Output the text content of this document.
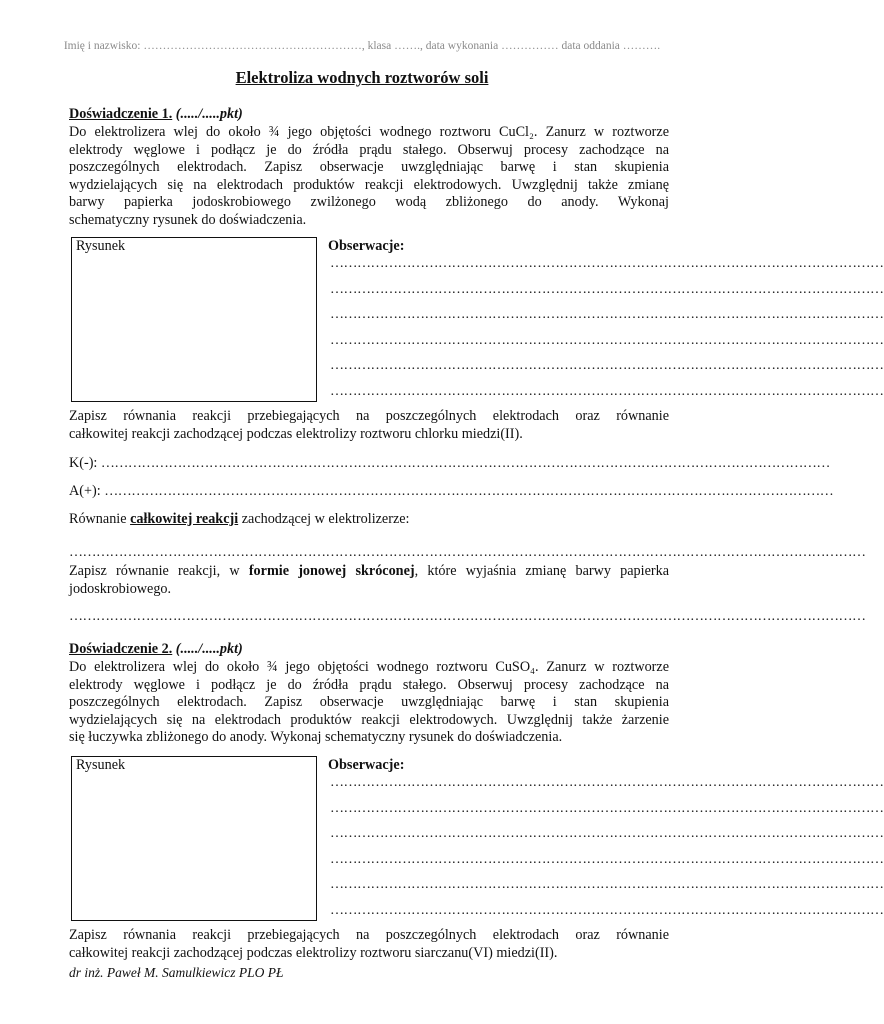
Imię i nazwisko: …………………………………………………, klasa ……., data wykonania …………… data oddania ……….
Elektroliza wodnych roztworów soli
Doświadczenie 1. (...../.....pkt)
Do elektrolizera wlej do około ¾ jego objętości wodnego roztworu CuCl₂. Zanurz w roztworze
elektrody węglowe i podłącz je do źródła prądu stałego. Obserwuj procesy zachodzące na
poszczególnych elektrodach. Zapisz obserwacje uwzględniając barwę i stan skupienia
wydzielających się na elektrodach produktów reakcji elektrodowych. Uwzględnij także zmianę
barwy papierka jodoskrobiowego zwilżonego wodą zbliżonego do anody. Wykonaj
schematyczny rysunek do doświadczenia.
Rysunek	Obserwacje:
……………………………………………………………………………………………………………
……………………………………………………………………………………………………………
……………………………………………………………………………………………………………
……………………………………………………………………………………………………………
……………………………………………………………………………………………………………
……………………………………………………………………………………………………………
Zapisz równania reakcji przebiegających na poszczególnych elektrodach oraz równanie
całkowitej reakcji zachodzącej podczas elektrolizy roztworu chlorku miedzi(II).
K(-): ………………………………………………………………………………………………………………………………………………
A(+): ………………………………………………………………………………………………………………………………………………
Równanie całkowitej reakcji zachodzącej w elektrolizerze:
……………………………………………………………………………………………………………………………………………………………
Zapisz równanie reakcji, w formie jonowej skróconej, które wyjaśnia zmianę barwy papierka
jodoskrobiowego.
……………………………………………………………………………………………………………………………………………………………
Doświadczenie 2. (...../.....pkt)
Do elektrolizera wlej do około ¾ jego objętości wodnego roztworu CuSO₄. Zanurz w roztworze
elektrody węglowe i podłącz je do źródła prądu stałego. Obserwuj procesy zachodzące na
poszczególnych elektrodach. Zapisz obserwacje uwzględniając barwę i stan skupienia
wydzielających się na elektrodach produktów reakcji elektrodowych. Uwzględnij także żarzenie
się łuczywka zbliżonego do anody. Wykonaj schematyczny rysunek do doświadczenia.
Rysunek	Obserwacje:
……………………………………………………………………………………………………………
……………………………………………………………………………………………………………
……………………………………………………………………………………………………………
……………………………………………………………………………………………………………
……………………………………………………………………………………………………………
……………………………………………………………………………………………………………
Zapisz równania reakcji przebiegających na poszczególnych elektrodach oraz równanie
całkowitej reakcji zachodzącej podczas elektrolizy roztworu siarczanu(VI) miedzi(II).
dr inż. Paweł M. Samulkiewicz PLO PŁ
